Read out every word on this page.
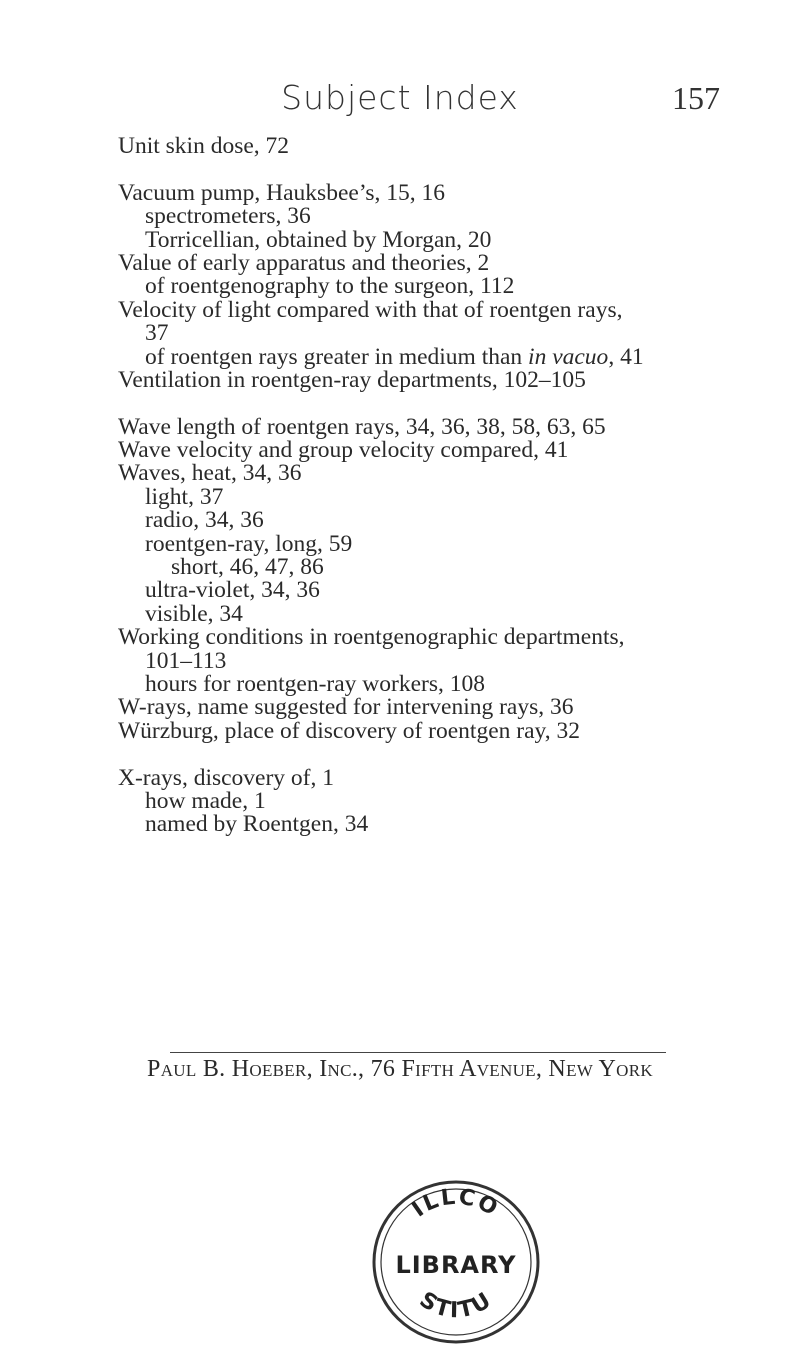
Subject Index	157
Unit skin dose, 72
Vacuum pump, Hauksbee’s, 15, 16
spectrometers, 36
Torricellian, obtained by Morgan, 20
Value of early apparatus and theories, 2
of roentgenography to the surgeon, 112
Velocity of light compared with that of roentgen rays,
37
of roentgen rays greater in medium than in vacuo, 41
Ventilation in roentgen-ray departments, 102–105
Wave length of roentgen rays, 34, 36, 38, 58, 63, 65
Wave velocity and group velocity compared, 41
Waves, heat, 34, 36
light, 37
radio, 34, 36
roentgen-ray, long, 59
short, 46, 47, 86
ultra-violet, 34, 36
visible, 34
Working conditions in roentgenographic departments,
101–113
hours for roentgen-ray workers, 108
W-rays, name suggested for intervening rays, 36
Würzburg, place of discovery of roentgen ray, 32
X-rays, discovery of, 1
how made, 1
named by Roentgen, 34
Paul B. Hoeber, Inc., 76 Fifth Avenue, New York
ILLCO
LIBRARY
STITU
